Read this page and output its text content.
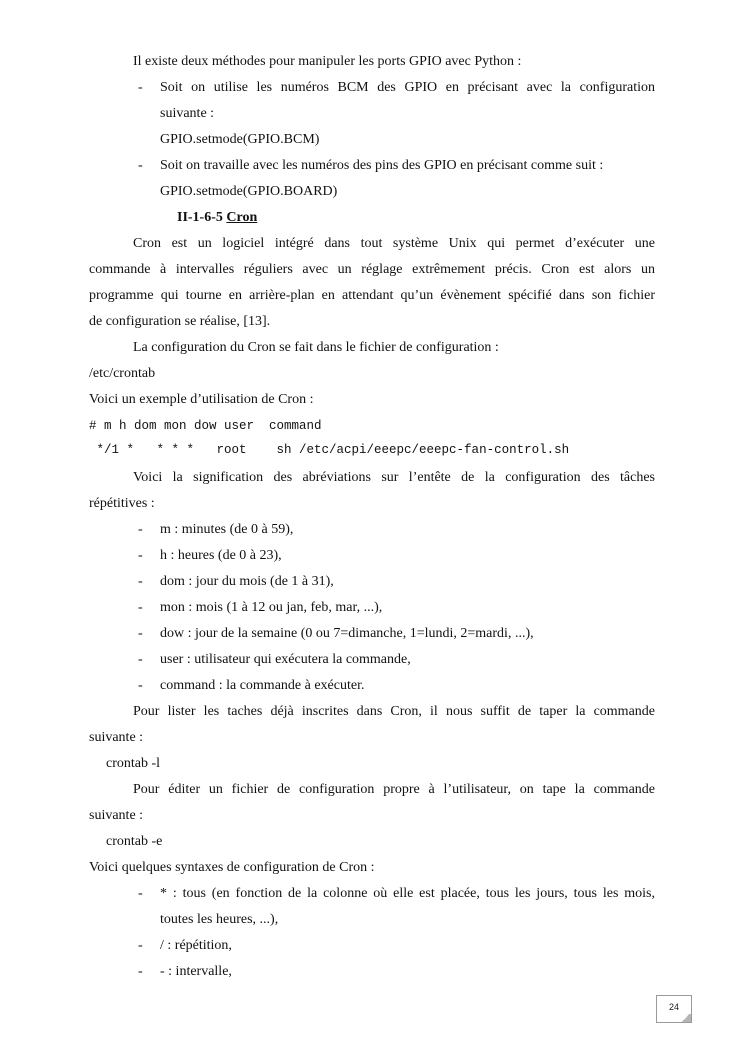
Il existe deux méthodes pour manipuler les ports GPIO avec Python :
- Soit on utilise les numéros BCM des GPIO en précisant avec la configuration
suivante :
GPIO.setmode(GPIO.BCM)
- Soit on travaille avec les numéros des pins des GPIO en précisant comme suit :
GPIO.setmode(GPIO.BOARD)
II-1-6-5 Cron
Cron est un logiciel intégré dans tout système Unix qui permet d’exécuter une
commande à intervalles réguliers avec un réglage extrêmement précis. Cron est alors un
programme qui tourne en arrière-plan en attendant qu’un évènement spécifié dans son fichier
de configuration se réalise, [13].
La configuration du Cron se fait dans le fichier de configuration :
/etc/crontab
Voici un exemple d’utilisation de Cron :
# m h dom mon dow user  command
*/1 *   * * *   root    sh /etc/acpi/eeepc/eeepc-fan-control.sh
Voici la signification des abréviations sur l’entête de la configuration des tâches
répétitives :
- m : minutes (de 0 à 59),
- h : heures (de 0 à 23),
- dom : jour du mois (de 1 à 31),
- mon : mois (1 à 12 ou jan, feb, mar, ...),
- dow : jour de la semaine (0 ou 7=dimanche, 1=lundi, 2=mardi, ...),
- user : utilisateur qui exécutera la commande,
- command : la commande à exécuter.
Pour lister les taches déjà inscrites dans Cron, il nous suffit de taper la commande
suivante :
crontab -l
Pour éditer un fichier de configuration propre à l’utilisateur, on tape la commande
suivante :
crontab -e
Voici quelques syntaxes de configuration de Cron :
- * : tous (en fonction de la colonne où elle est placée, tous les jours, tous les mois,
toutes les heures, ...),
- / : répétition,
- - : intervalle,
24
